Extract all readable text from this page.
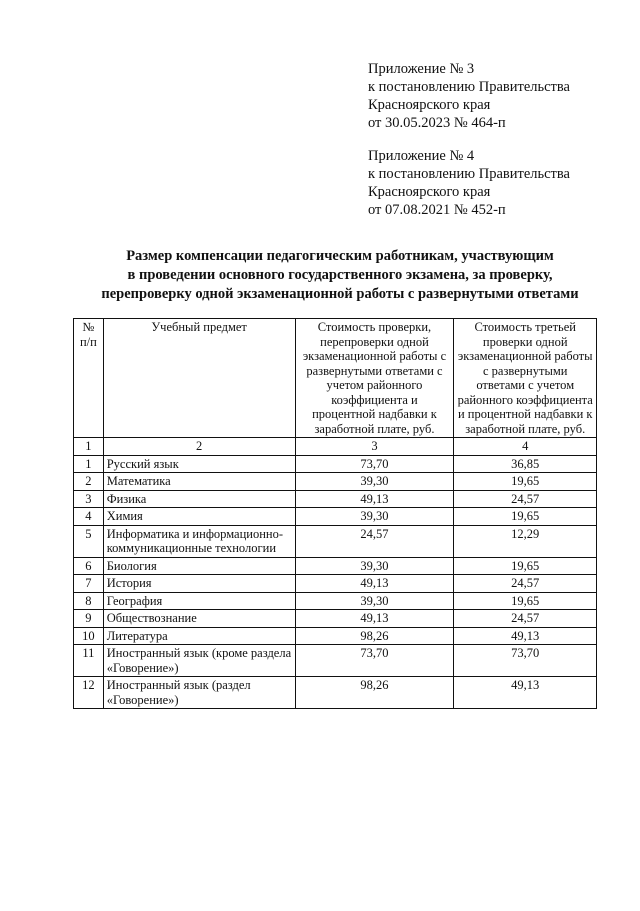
Приложение № 3
к постановлению Правительства
Красноярского края
от 30.05.2023 № 464-п
Приложение № 4
к постановлению Правительства
Красноярского края
от 07.08.2021 № 452-п
Размер компенсации педагогическим работникам, участвующим
в проведении основного государственного экзамена, за проверку,
перепроверку одной экзаменационной работы с развернутыми ответами
№ п/п	Учебный предмет	Стоимость проверки, перепроверки одной экзаменационной работы с развернутыми ответами с учетом районного коэффициента и процентной надбавки к заработной плате, руб.	Стоимость третьей проверки одной экзаменационной работы с развернутыми ответами с учетом районного коэффициента и процентной надбавки к заработной плате, руб.
1	2	3	4
1	Русский язык	73,70	36,85
2	Математика	39,30	19,65
3	Физика	49,13	24,57
4	Химия	39,30	19,65
5	Информатика и информационно-коммуникационные технологии	24,57	12,29
6	Биология	39,30	19,65
7	История	49,13	24,57
8	География	39,30	19,65
9	Обществознание	49,13	24,57
10	Литература	98,26	49,13
11	Иностранный язык (кроме раздела «Говорение»)	73,70	73,70
12	Иностранный язык (раздел «Говорение»)	98,26	49,13
